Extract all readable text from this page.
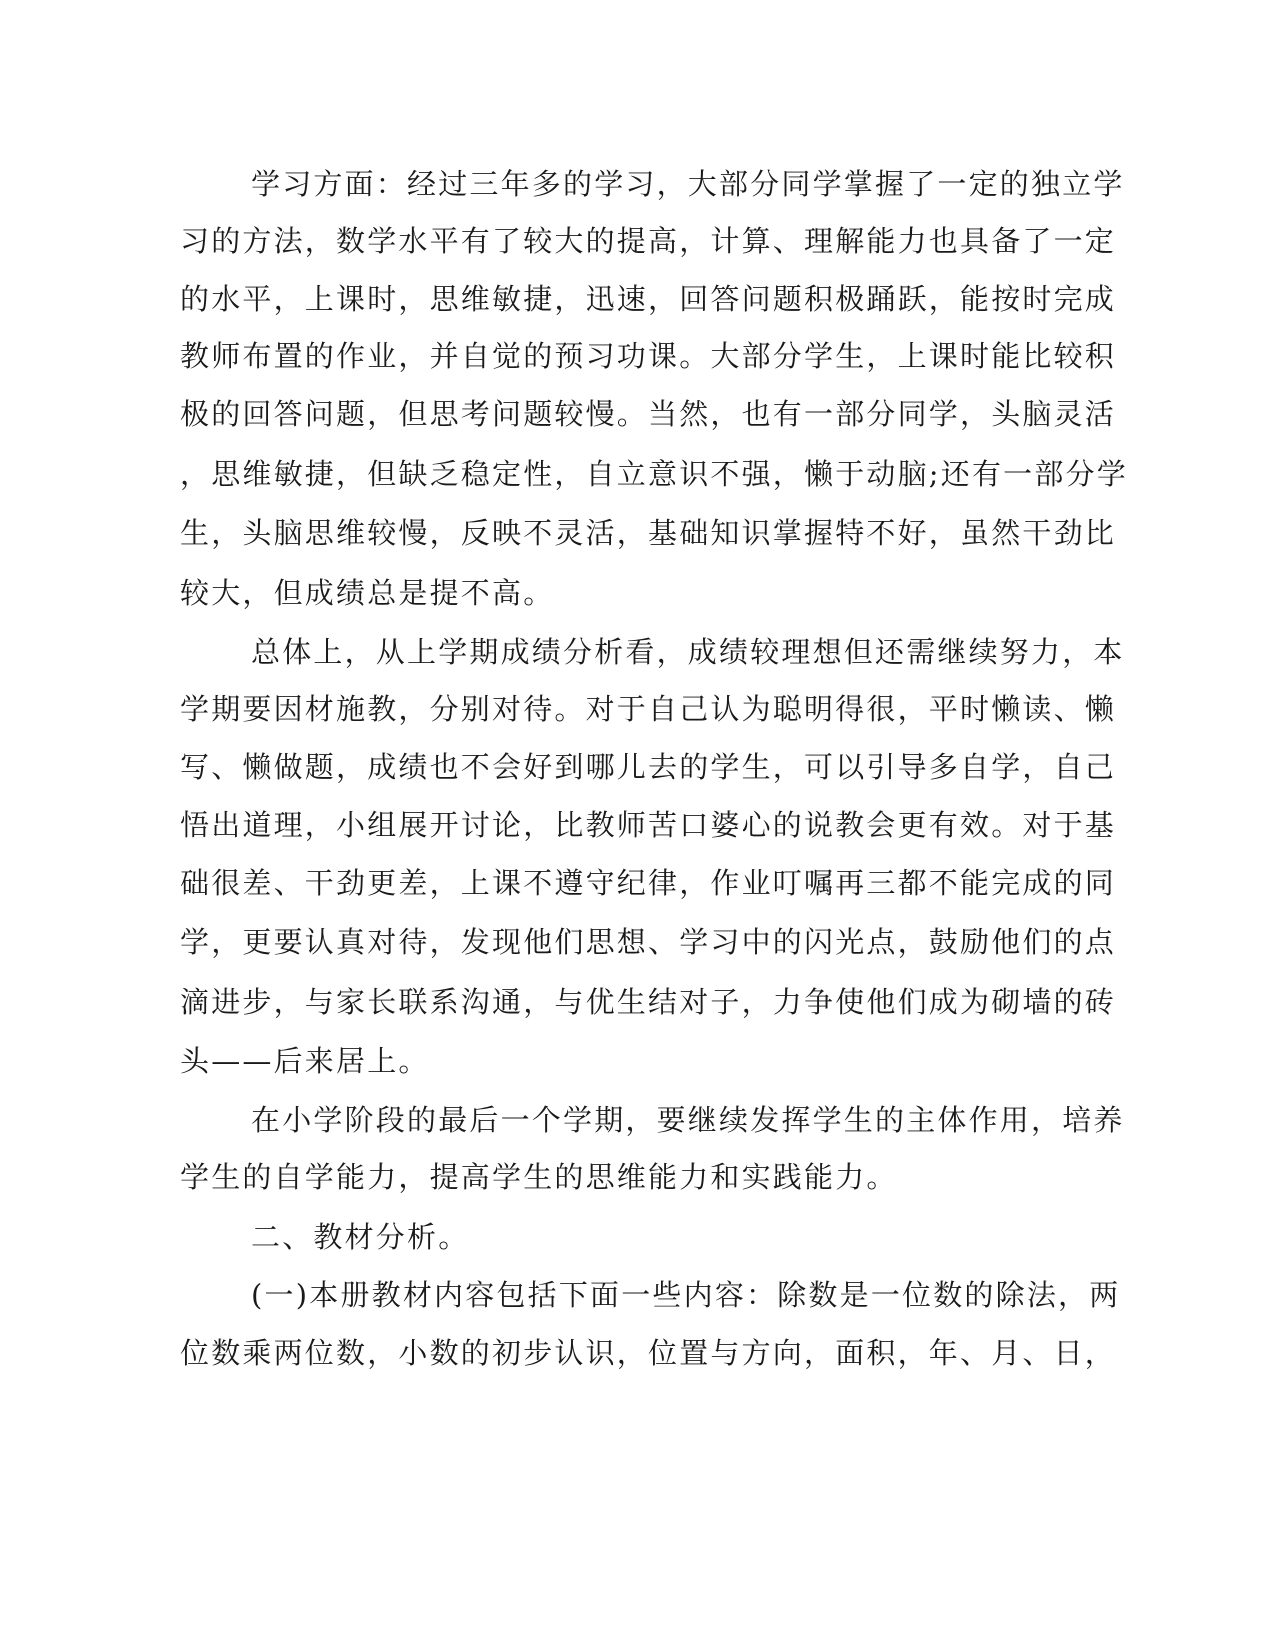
学习方面：经过三年多的学习，大部分同学掌握了一定的独立学
习的方法，数学水平有了较大的提高，计算、理解能力也具备了一定
的水平，上课时，思维敏捷，迅速，回答问题积极踊跃，能按时完成
教师布置的作业，并自觉的预习功课。大部分学生，上课时能比较积
极的回答问题，但思考问题较慢。当然，也有一部分同学，头脑灵活
，思维敏捷，但缺乏稳定性，自立意识不强，懒于动脑;还有一部分学
生，头脑思维较慢，反映不灵活，基础知识掌握特不好，虽然干劲比
较大，但成绩总是提不高。
总体上，从上学期成绩分析看，成绩较理想但还需继续努力，本
学期要因材施教，分别对待。对于自己认为聪明得很，平时懒读、懒
写、懒做题，成绩也不会好到哪儿去的学生，可以引导多自学，自己
悟出道理，小组展开讨论，比教师苦口婆心的说教会更有效。对于基
础很差、干劲更差，上课不遵守纪律，作业叮嘱再三都不能完成的同
学，更要认真对待，发现他们思想、学习中的闪光点，鼓励他们的点
滴进步，与家长联系沟通，与优生结对子，力争使他们成为砌墙的砖
头——后来居上。
在小学阶段的最后一个学期，要继续发挥学生的主体作用，培养
学生的自学能力，提高学生的思维能力和实践能力。
二、教材分析。
(一)本册教材内容包括下面一些内容：除数是一位数的除法，两
位数乘两位数，小数的初步认识，位置与方向，面积，年、月、日，
